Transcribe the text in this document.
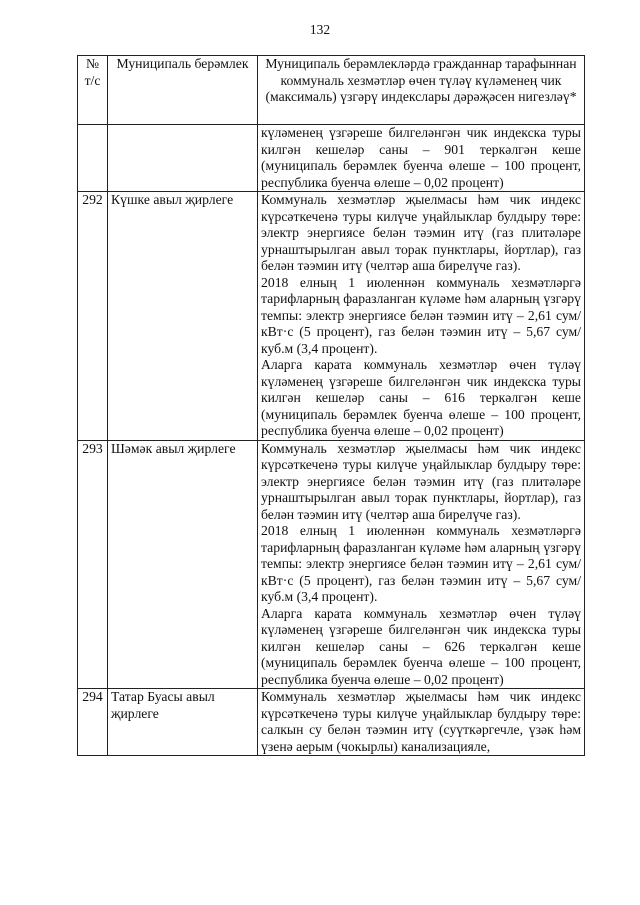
132
№ т/с	Муниципаль берәмлек	Муниципаль берәмлекләрдә гражданнар тарафыннан коммуналь хезмәтләр өчен түләү күләменең чик (максималь) үзгәрү индекслары дәрәҗәсен нигезләү*
		күләменең үзгәреше билгеләнгән чик индекска туры килгән кешеләр саны – 901 теркәлгән кеше (муниципаль берәмлек буенча өлеше – 100 процент, республика буенча өлеше – 0,02 процент)
292	Күшке авыл җирлеге	Коммуналь хезмәтләр җыелмасы һәм чик индекс күрсәткеченә туры килүче уңайлыклар булдыру төре: электр энергиясе белән тәэмин итү (газ плитәләре урнаштырылган авыл торак пунктлары, йортлар), газ белән тәэмин итү (челтәр аша бирелүче газ).

2018 елның 1 июленнән коммуналь хезмәтләргә тарифларның фаразланган күләме һәм аларның үзгәрү темпы: электр энергиясе белән тәэмин итү – 2,61 сум/кВт·с (5 процент), газ белән тәэмин итү – 5,67 сум/куб.м (3,4 процент).

Аларга карата коммуналь хезмәтләр өчен түләү күләменең үзгәреше билгеләнгән чик индекска туры килгән кешеләр саны – 616 теркәлгән кеше (муниципаль берәмлек буенча өлеше – 100 процент, республика буенча өлеше – 0,02 процент)

293	Шәмәк авыл җирлеге	Коммуналь хезмәтләр җыелмасы һәм чик индекс күрсәткеченә туры килүче уңайлыклар булдыру төре: электр энергиясе белән тәэмин итү (газ плитәләре урнаштырылган авыл торак пунктлары, йортлар), газ белән тәэмин итү (челтәр аша бирелүче газ).

2018 елның 1 июленнән коммуналь хезмәтләргә тарифларның фаразланган күләме һәм аларның үзгәрү темпы: электр энергиясе белән тәэмин итү – 2,61 сум/кВт·с (5 процент), газ белән тәэмин итү – 5,67 сум/куб.м (3,4 процент).

Аларга карата коммуналь хезмәтләр өчен түләү күләменең үзгәреше билгеләнгән чик индекска туры килгән кешеләр саны – 626 теркәлгән кеше (муниципаль берәмлек буенча өлеше – 100 процент, республика буенча өлеше – 0,02 процент)

294	Татар Буасы авыл җирлеге	Коммуналь хезмәтләр җыелмасы һәм чик индекс күрсәткеченә туры килүче уңайлыклар булдыру төре: салкын су белән тәэмин итү (суүткәргечле, үзәк һәм үзенә аерым (чокырлы) канализацияле,
